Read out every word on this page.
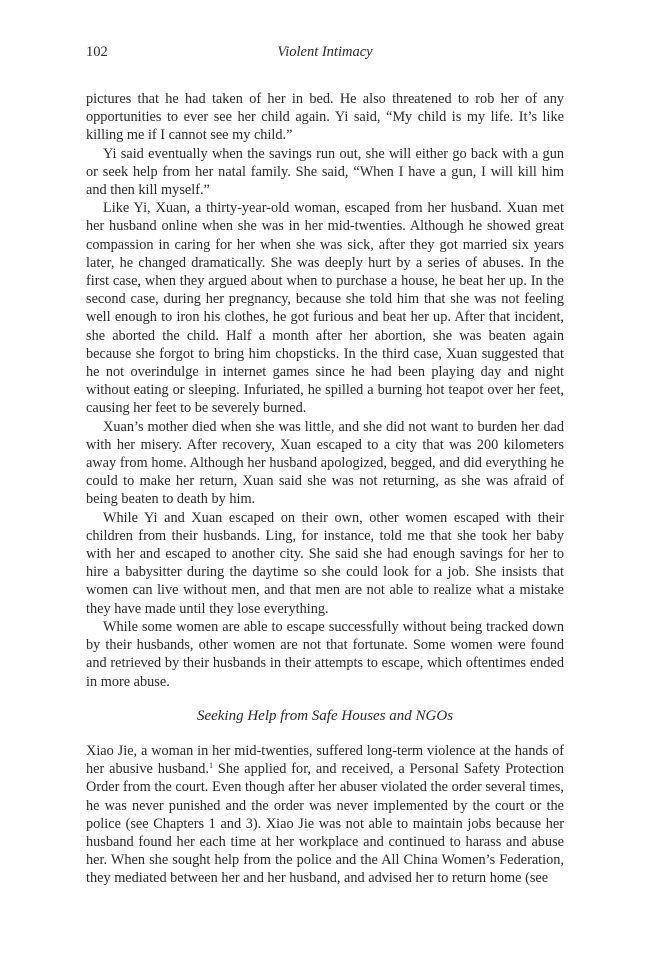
102	Violent Intimacy

pictures that he had taken of her in bed. He also threatened to rob her of any opportunities to ever see her child again. Yi said, “My child is my life. It’s like killing me if I cannot see my child.”

Yi said eventually when the savings run out, she will either go back with a gun or seek help from her natal family. She said, “When I have a gun, I will kill him and then kill myself.”

Like Yi, Xuan, a thirty-year-old woman, escaped from her husband. Xuan met her husband online when she was in her mid-twenties. Although he showed great compassion in caring for her when she was sick, after they got married six years later, he changed dramatically. She was deeply hurt by a series of abuses. In the first case, when they argued about when to purchase a house, he beat her up. In the second case, during her pregnancy, because she told him that she was not feeling well enough to iron his clothes, he got furious and beat her up. After that incident, she aborted the child. Half a month after her abortion, she was beaten again because she forgot to bring him chopsticks. In the third case, Xuan suggested that he not overindulge in internet games since he had been playing day and night without eating or sleeping. Infuriated, he spilled a burning hot teapot over her feet, causing her feet to be severely burned.

Xuan’s mother died when she was little, and she did not want to burden her dad with her misery. After recovery, Xuan escaped to a city that was 200 kilometers away from home. Although her husband apologized, begged, and did everything he could to make her return, Xuan said she was not returning, as she was afraid of being beaten to death by him.

While Yi and Xuan escaped on their own, other women escaped with their children from their husbands. Ling, for instance, told me that she took her baby with her and escaped to another city. She said she had enough savings for her to hire a babysitter during the daytime so she could look for a job. She insists that women can live without men, and that men are not able to realize what a mistake they have made until they lose everything.

While some women are able to escape successfully without being tracked down by their husbands, other women are not that fortunate. Some women were found and retrieved by their husbands in their attempts to escape, which oftentimes ended in more abuse.

Seeking Help from Safe Houses and NGOs

Xiao Jie, a woman in her mid-twenties, suffered long-term violence at the hands of her abusive husband.$^1$ She applied for, and received, a Personal Safety Protection Order from the court. Even though after her abuser violated the order several times, he was never punished and the order was never implemented by the court or the police (see Chapters 1 and 3). Xiao Jie was not able to maintain jobs because her husband found her each time at her workplace and continued to harass and abuse her. When she sought help from the police and the All China Women’s Federation, they mediated between her and her husband, and advised her to return home (see
